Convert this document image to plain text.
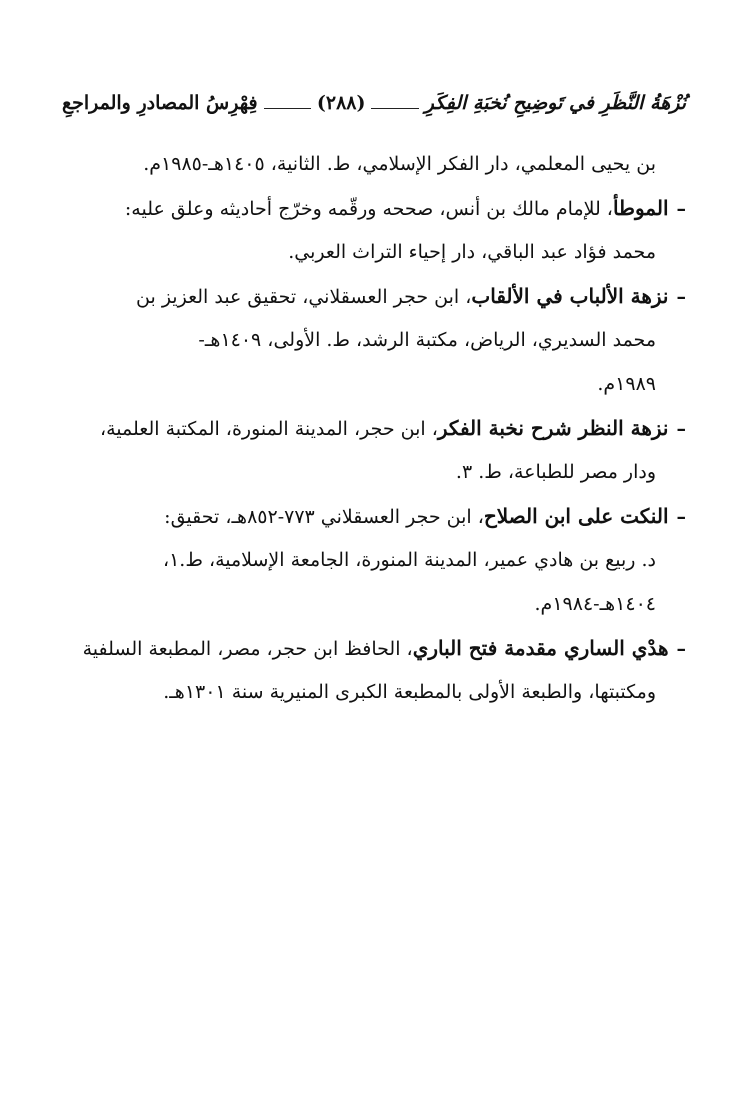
نُزْهَةُ النَّظَرِ في تَوضِيحِ نُخبَةِ الفِكَرِ
(٢٨٨)
فِهْرِسُ المصادرِ والمراجعِ
بن يحيى المعلمي، دار الفكر الإسلامي، ط. الثانية، ١٤٠٥هـ-١٩٨٥م.
–الموطأ، للإمام مالك بن أنس، صححه ورقّمه وخرّج أحاديثه وعلق عليه:
محمد فؤاد عبد الباقي، دار إحياء التراث العربي.
–نزهة الألباب في الألقاب، ابن حجر العسقلاني، تحقيق عبد العزيز بن
محمد السديري، الرياض، مكتبة الرشد، ط. الأولى، ١٤٠٩هـ-
١٩٨٩م.
–نزهة النظر شرح نخبة الفكر، ابن حجر، المدينة المنورة، المكتبة العلمية،
ودار مصر للطباعة، ط. ٣.
–النكت على ابن الصلاح، ابن حجر العسقلاني ٧٧٣-٨٥٢هـ، تحقيق:
د. ربيع بن هادي عمير، المدينة المنورة، الجامعة الإسلامية، ط.١،
١٤٠٤هـ-١٩٨٤م.
–هدْي الساري مقدمة فتح الباري، الحافظ ابن حجر، مصر، المطبعة السلفية
ومكتبتها، والطبعة الأولى بالمطبعة الكبرى المنيرية سنة ١٣٠١هـ.
